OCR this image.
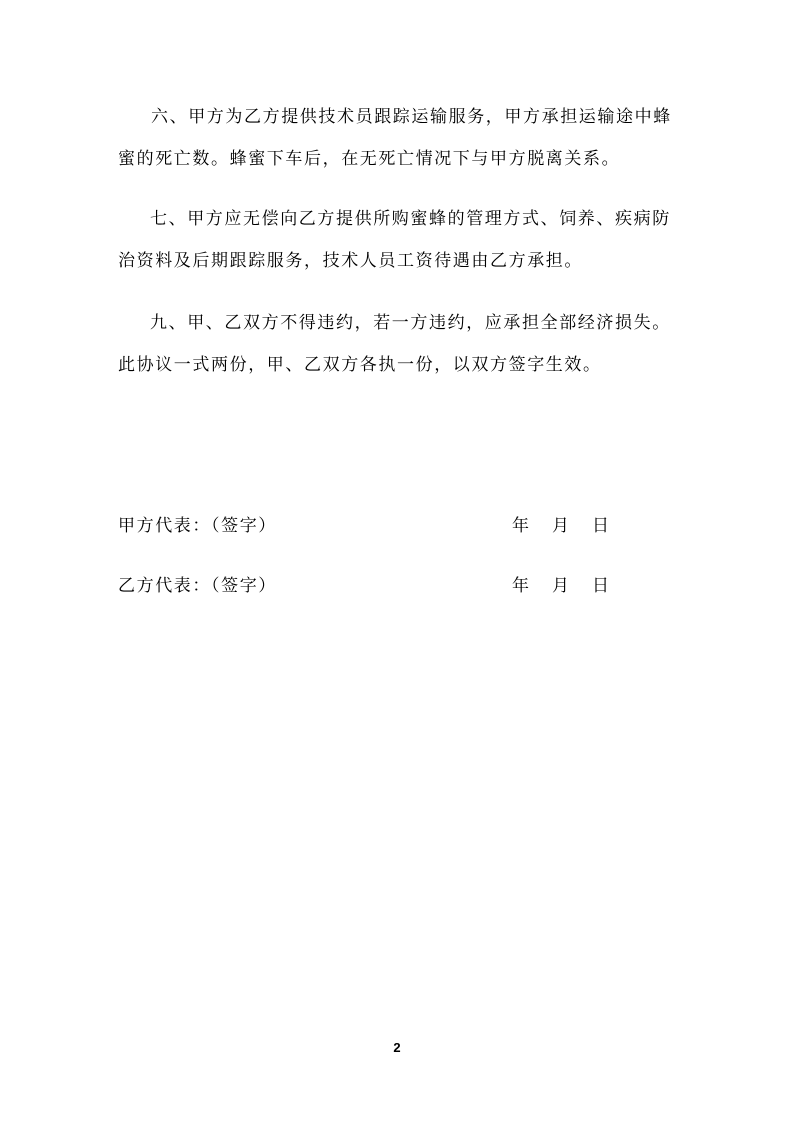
六、甲方为乙方提供技术员跟踪运输服务，甲方承担运输途中蜂
蜜的死亡数。蜂蜜下车后，在无死亡情况下与甲方脱离关系。
七、甲方应无偿向乙方提供所购蜜蜂的管理方式、饲养、疾病防
治资料及后期跟踪服务，技术人员工资待遇由乙方承担。
九、甲、乙双方不得违约，若一方违约，应承担全部经济损失。
此协议一式两份，甲、乙双方各执一份，以双方签字生效。
甲方代表：（签字）	年 月 日
乙方代表：（签字）	年 月 日
2
